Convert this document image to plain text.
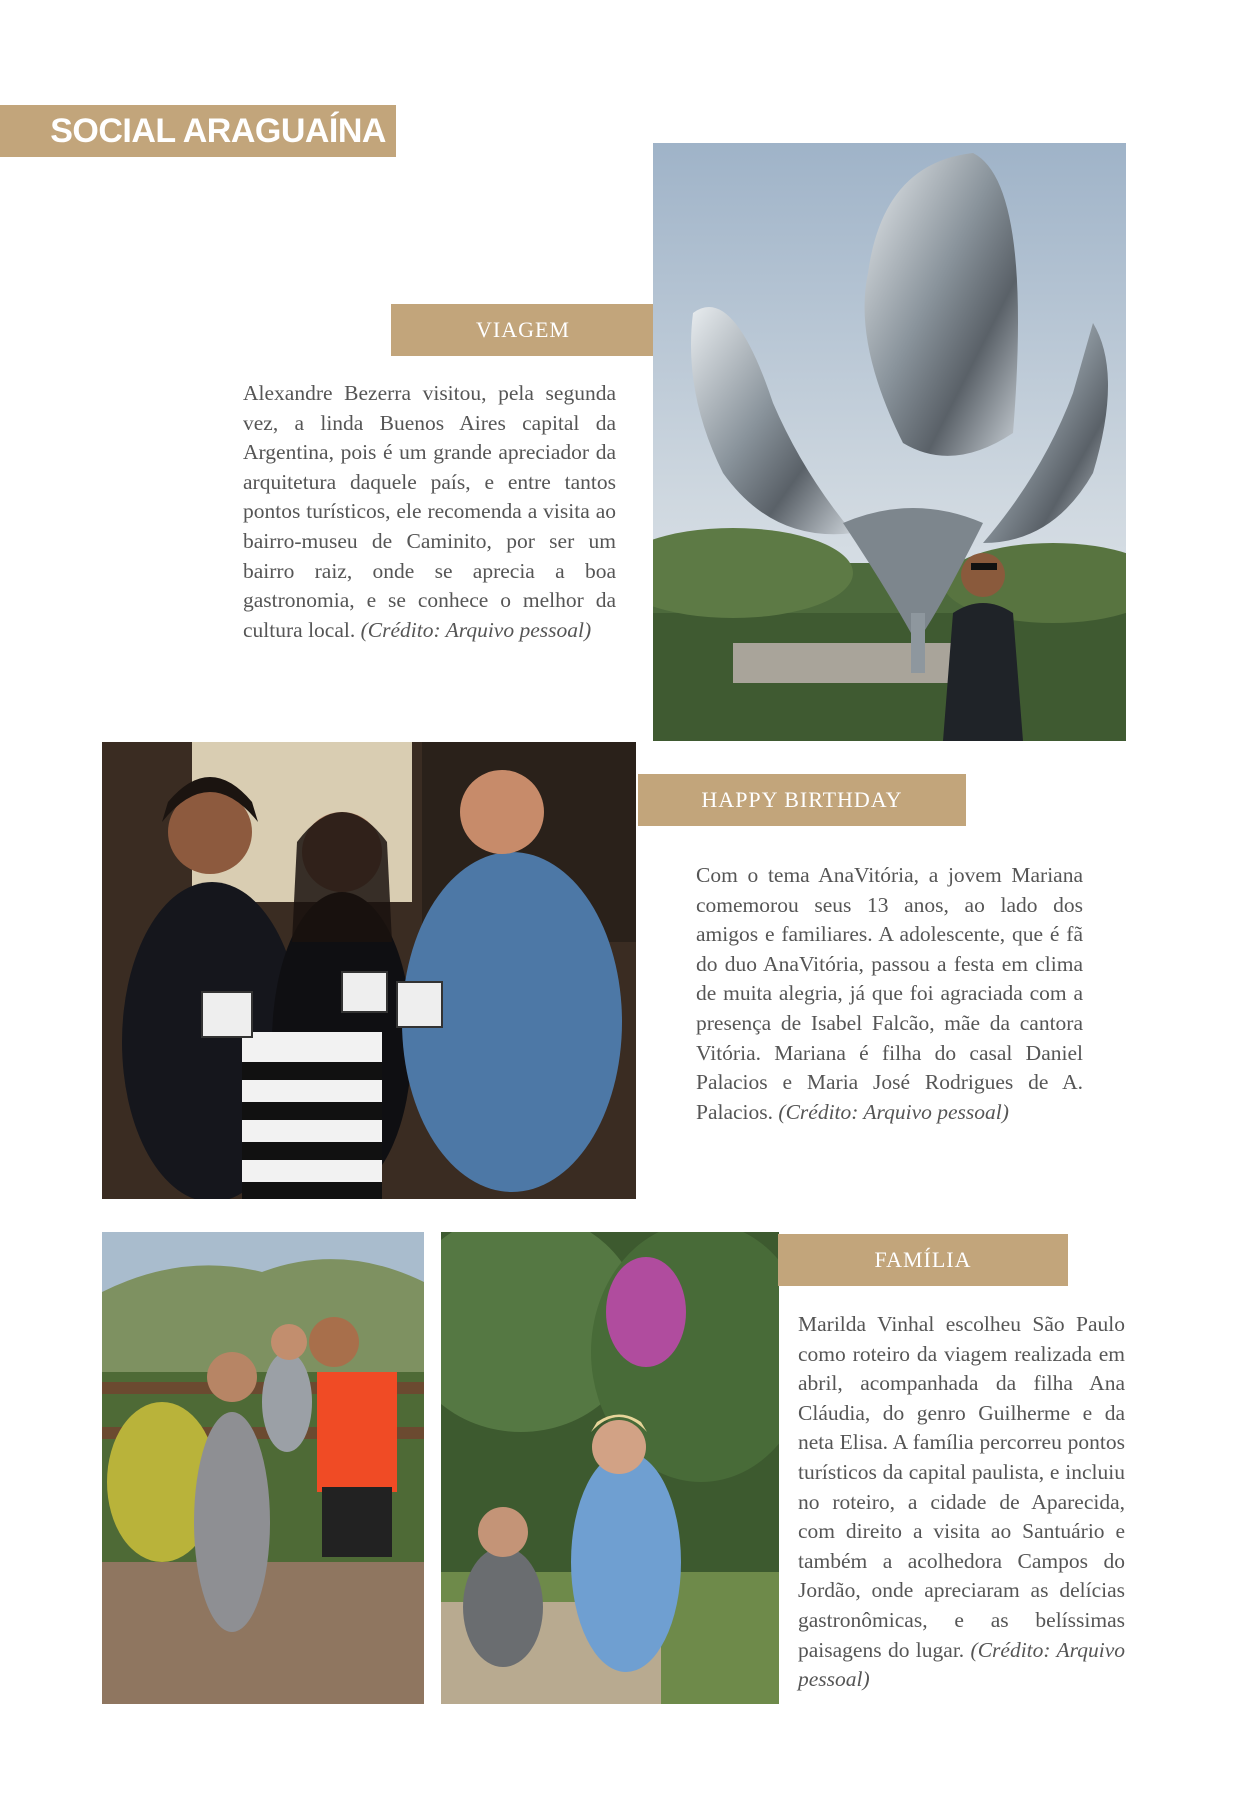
SOCIAL ARAGUAÍNA
VIAGEM

Alexandre Bezerra visitou, pela segunda vez, a linda Buenos Aires capital da Argentina, pois é um grande apreciador da arquitetura daquele país, e entre tantos pontos turísticos, ele recomenda a visita ao bairro-museu de Caminito, por ser um bairro raiz, onde se aprecia a boa gastronomia, e se conhece o melhor da cultura local. (Crédito: Arquivo pessoal)

HAPPY BIRTHDAY

Com o tema AnaVitória, a jovem Mariana comemorou seus 13 anos, ao lado dos amigos e familiares. A adolescente, que é fã do duo AnaVitória, passou a festa em clima de muita alegria, já que foi agraciada com a presença de Isabel Falcão, mãe da cantora Vitória. Mariana é filha do casal Daniel Palacios e Maria José Rodrigues de A. Palacios. (Crédito: Arquivo pessoal)

FAMÍLIA

Marilda Vinhal escolheu São Paulo como roteiro da viagem realizada em abril, acompanhada da filha Ana Cláudia, do genro Guilherme e da neta Elisa. A família percorreu pontos turísticos da capital paulista, e incluiu no roteiro, a cidade de Aparecida, com direito a visita ao Santuário e também a acolhedora Campos do Jordão, onde apreciaram as delícias gastronômicas, e as belíssimas paisagens do lugar. (Crédito: Arquivo pessoal)
